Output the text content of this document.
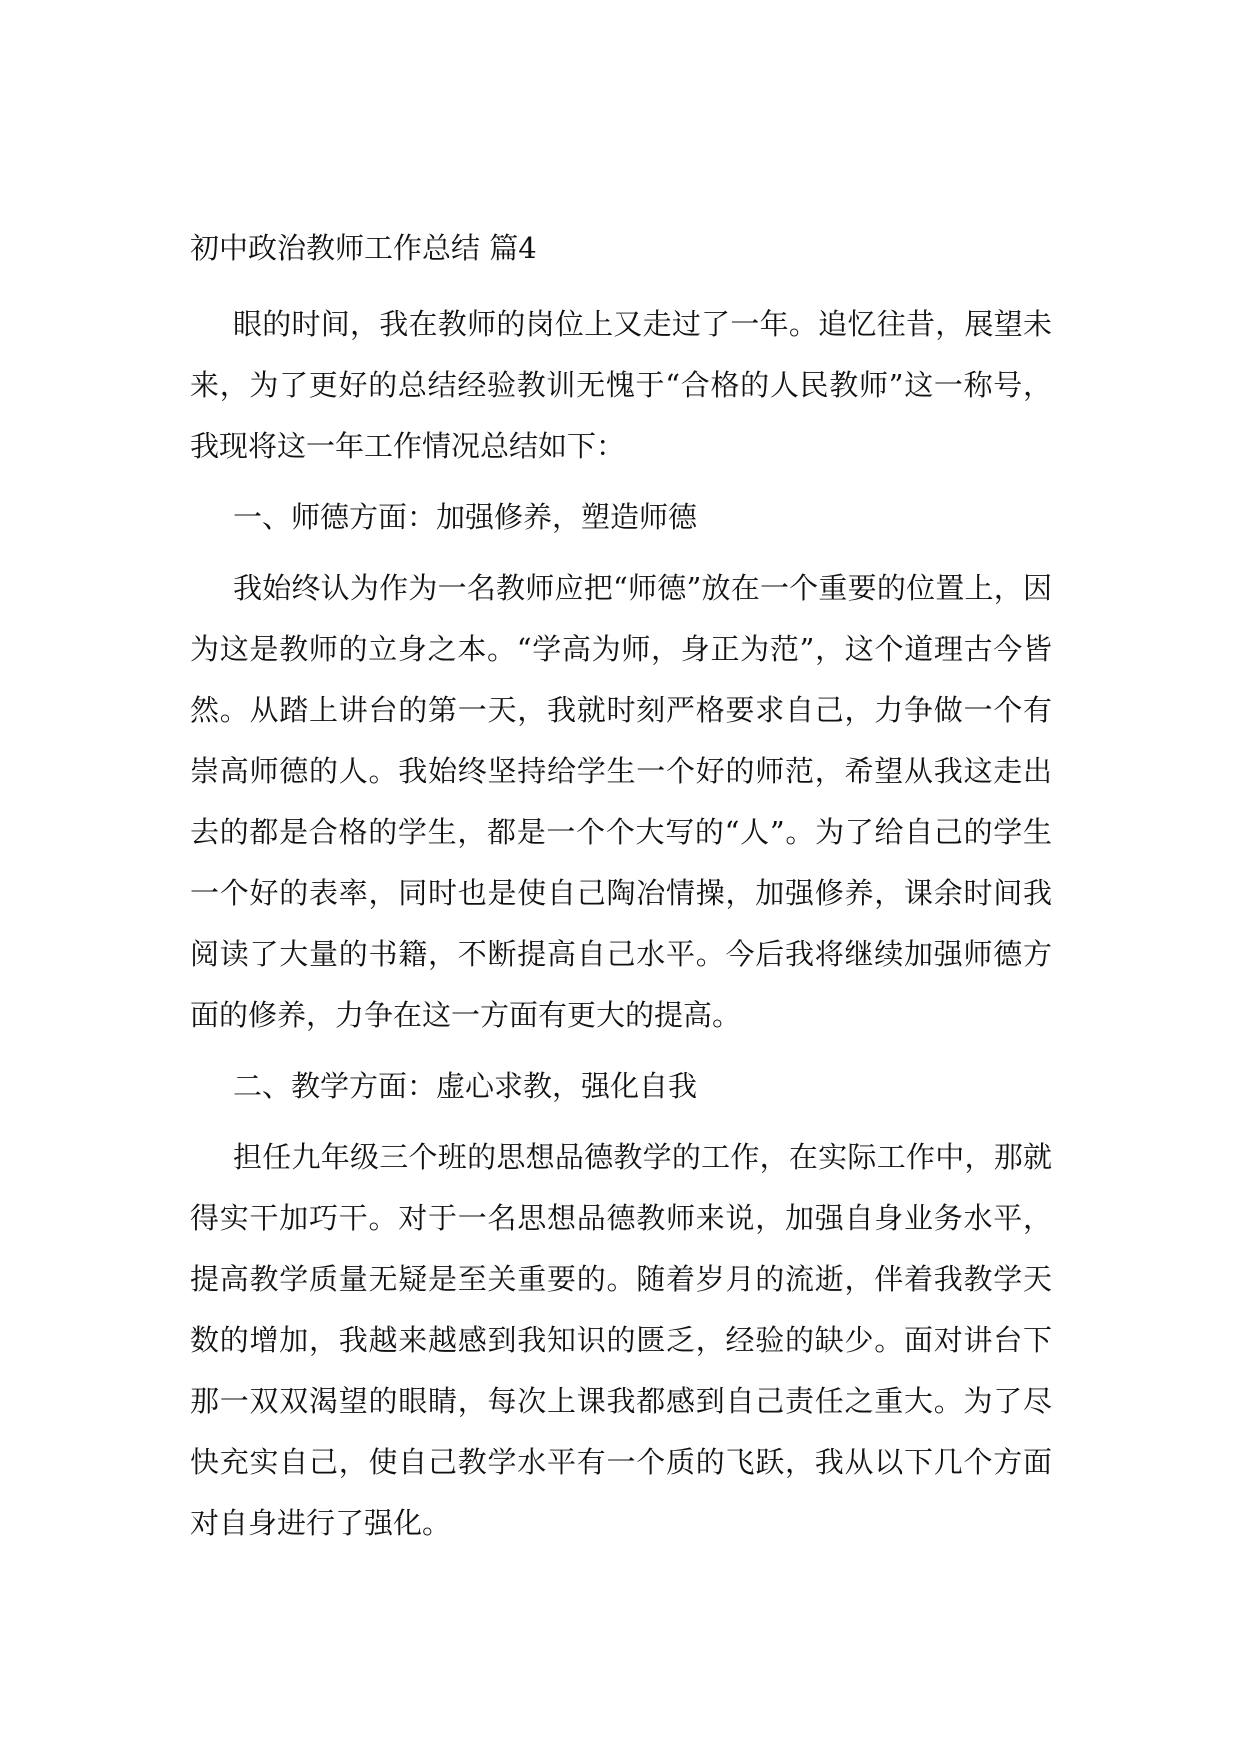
初中政治教师工作总结 篇4

眼的时间，我在教师的岗位上又走过了一年。追忆往昔，展望未来，为了更好的总结经验教训无愧于“合格的人民教师”这一称号，我现将这一年工作情况总结如下：

一、师德方面：加强修养，塑造师德

我始终认为作为一名教师应把“师德”放在一个重要的位置上，因为这是教师的立身之本。“学高为师，身正为范”，这个道理古今皆然。从踏上讲台的第一天，我就时刻严格要求自己，力争做一个有崇高师德的人。我始终坚持给学生一个好的师范，希望从我这走出去的都是合格的学生，都是一个个大写的“人”。为了给自己的学生一个好的表率，同时也是使自己陶冶情操，加强修养，课余时间我阅读了大量的书籍，不断提高自己水平。今后我将继续加强师德方面的修养，力争在这一方面有更大的提高。

二、教学方面：虚心求教，强化自我

担任九年级三个班的思想品德教学的工作，在实际工作中，那就得实干加巧干。对于一名思想品德教师来说，加强自身业务水平，提高教学质量无疑是至关重要的。随着岁月的流逝，伴着我教学天数的增加，我越来越感到我知识的匮乏，经验的缺少。面对讲台下那一双双渴望的眼睛，每次上课我都感到自己责任之重大。为了尽快充实自己，使自己教学水平有一个质的飞跃，我从以下几个方面对自身进行了强化。
